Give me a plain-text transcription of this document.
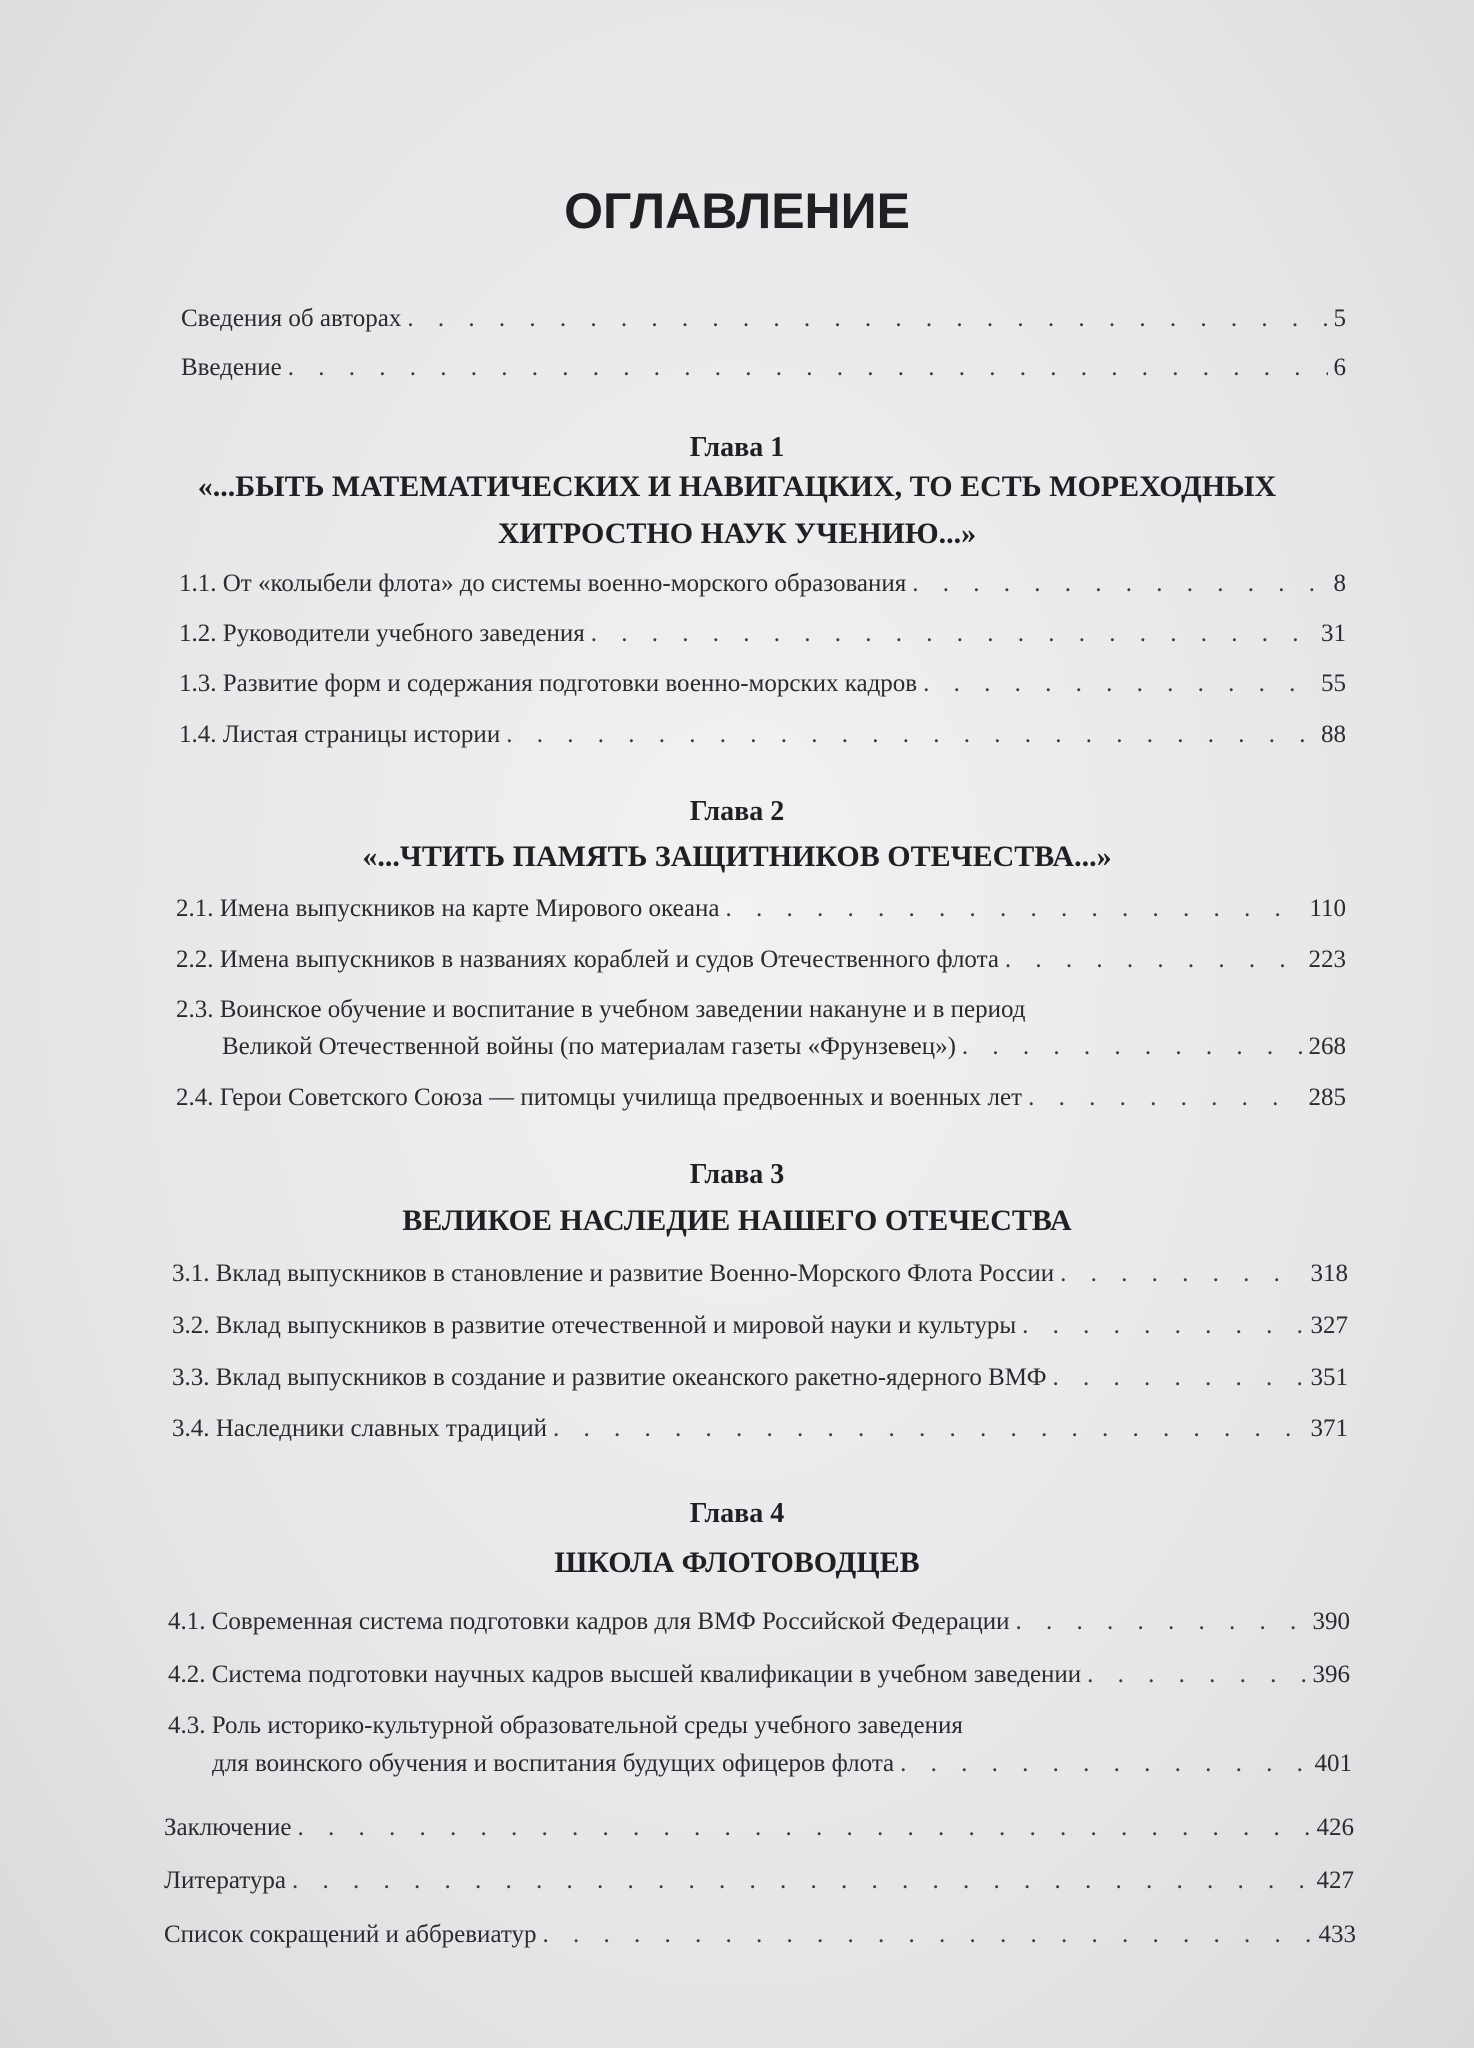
ОГЛАВЛЕНИЕ
Сведения об авторах . . .	5
Введение . . .	6
Глава 1
«...БЫТЬ МАТЕМАТИЧЕСКИХ И НАВИГАЦКИХ, ТО ЕСТЬ МОРЕХОДНЫХ
ХИТРОСТНО НАУК УЧЕНИЮ...»
1.1. От «колыбели флота» до системы военно-морского образования . . .	8
1.2. Руководители учебного заведения . . .	31
1.3. Развитие форм и содержания подготовки военно-морских кадров . . .	55
1.4. Листая страницы истории . . .	88
Глава 2
«...ЧТИТЬ ПАМЯТЬ ЗАЩИТНИКОВ ОТЕЧЕСТВА...»
2.1. Имена выпускников на карте Мирового океана . . .	110
2.2. Имена выпускников в названиях кораблей и судов Отечественного флота . . .	223
2.3. Воинское обучение и воспитание в учебном заведении накануне и в период
Великой Отечественной войны (по материалам газеты «Фрунзевец») . . .	268
2.4. Герои Советского Союза — питомцы училища предвоенных и военных лет . . .	285
Глава 3
ВЕЛИКОЕ НАСЛЕДИЕ НАШЕГО ОТЕЧЕСТВА
3.1. Вклад выпускников в становление и развитие Военно-Морского Флота России . . .	318
3.2. Вклад выпускников в развитие отечественной и мировой науки и культуры . . .	327
3.3. Вклад выпускников в создание и развитие океанского ракетно-ядерного ВМФ . . .	351
3.4. Наследники славных традиций . . .	371
Глава 4
ШКОЛА ФЛОТОВОДЦЕВ
4.1. Современная система подготовки кадров для ВМФ Российской Федерации . . .	390
4.2. Система подготовки научных кадров высшей квалификации в учебном заведении . . .	396
4.3. Роль историко-культурной образовательной среды учебного заведения
для воинского обучения и воспитания будущих офицеров флота . . .	401
Заключение . . .	426
Литература . . .	427
Список сокращений и аббревиатур . . .	433
